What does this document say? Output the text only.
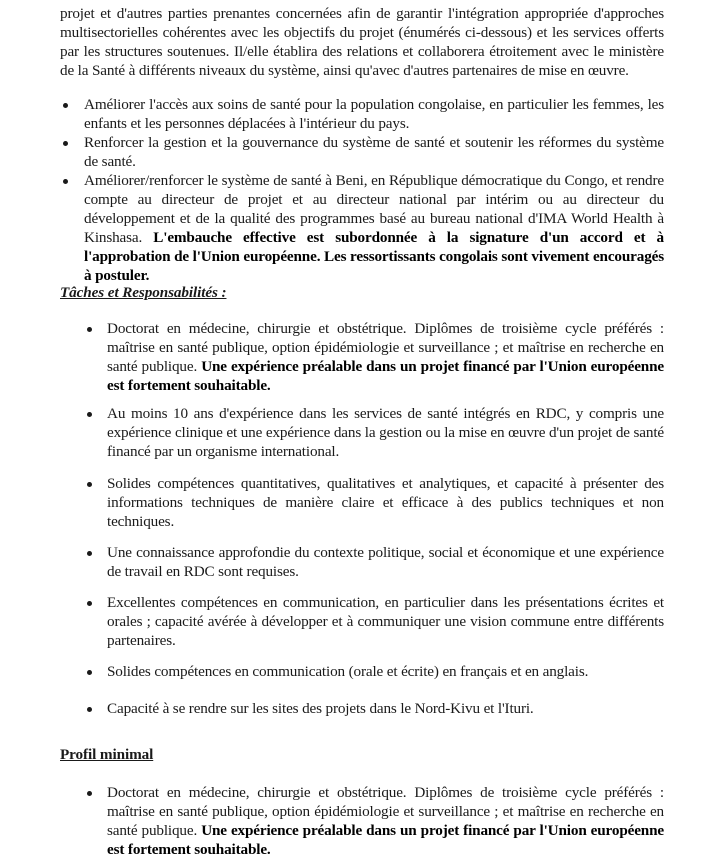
projet et d'autres parties prenantes concernées afin de garantir l'intégration appropriée d'approches multisectorielles cohérentes avec les objectifs du projet (énumérés ci-dessous) et les services offerts par les structures soutenues. Il/elle établira des relations et collaborera étroitement avec le ministère de la Santé à différents niveaux du système, ainsi qu'avec d'autres partenaires de mise en œuvre.
Améliorer l'accès aux soins de santé pour la population congolaise, en particulier les femmes, les enfants et les personnes déplacées à l'intérieur du pays.
Renforcer la gestion et la gouvernance du système de santé et soutenir les réformes du système de santé.
Améliorer/renforcer le système de santé à Beni, en République démocratique du Congo, et rendre compte au directeur de projet et au directeur national par intérim ou au directeur du développement et de la qualité des programmes basé au bureau national d'IMA World Health à Kinshasa. L'embauche effective est subordonnée à la signature d'un accord et à l'approbation de l'Union européenne. Les ressortissants congolais sont vivement encouragés à postuler.
Tâches et Responsabilités :
Doctorat en médecine, chirurgie et obstétrique. Diplômes de troisième cycle préférés : maîtrise en santé publique, option épidémiologie et surveillance ; et maîtrise en recherche en santé publique. Une expérience préalable dans un projet financé par l'Union européenne est fortement souhaitable.
Au moins 10 ans d'expérience dans les services de santé intégrés en RDC, y compris une expérience clinique et une expérience dans la gestion ou la mise en œuvre d'un projet de santé financé par un organisme international.
Solides compétences quantitatives, qualitatives et analytiques, et capacité à présenter des informations techniques de manière claire et efficace à des publics techniques et non techniques.
Une connaissance approfondie du contexte politique, social et économique et une expérience de travail en RDC sont requises.
Excellentes compétences en communication, en particulier dans les présentations écrites et orales ; capacité avérée à développer et à communiquer une vision commune entre différents partenaires.
Solides compétences en communication (orale et écrite) en français et en anglais.
Capacité à se rendre sur les sites des projets dans le Nord-Kivu et l'Ituri.
Profil minimal
Doctorat en médecine, chirurgie et obstétrique. Diplômes de troisième cycle préférés : maîtrise en santé publique, option épidémiologie et surveillance ; et maîtrise en recherche en santé publique. Une expérience préalable dans un projet financé par l'Union européenne est fortement souhaitable.
